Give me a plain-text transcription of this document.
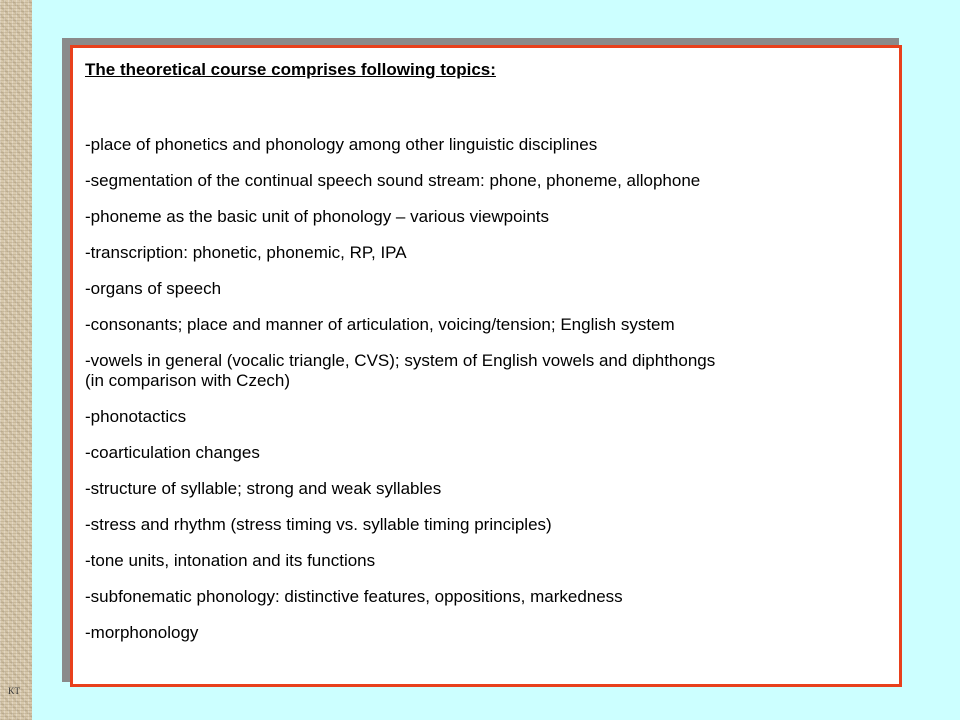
KT
The theoretical course comprises following topics:
-place of phonetics and phonology among other linguistic disciplines
-segmentation of the continual speech sound stream: phone, phoneme, allophone
-phoneme as the basic unit of phonology – various viewpoints
-transcription: phonetic, phonemic, RP, IPA
-organs of speech
-consonants; place and manner of articulation, voicing/tension; English system
-vowels in general (vocalic triangle, CVS); system of English vowels and diphthongs
(in comparison with Czech)
-phonotactics
-coarticulation changes
-structure of syllable; strong and weak syllables
-stress and rhythm (stress timing vs. syllable timing principles)
-tone units, intonation and its functions
-subfonematic phonology: distinctive features, oppositions, markedness
-morphonology
